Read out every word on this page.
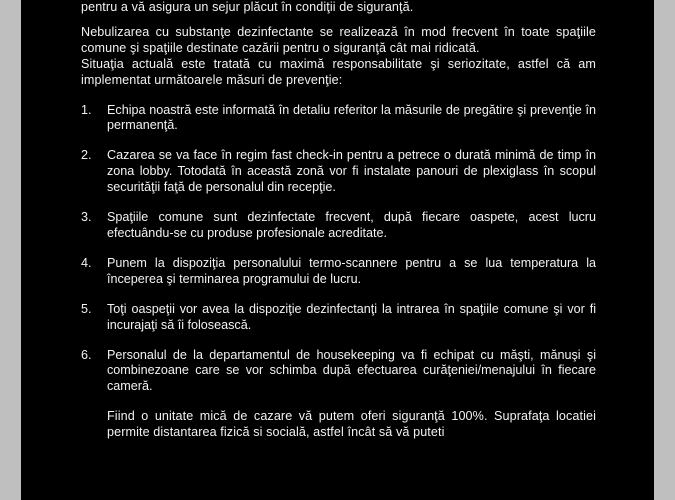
pentru a vă asigura un sejur plăcut în condiţii de siguranţă.

Nebulizarea cu substanţe dezinfectante se realizează în mod frecvent în toate spaţiile comune şi spaţiile destinate cazării pentru o siguranţă cât mai ridicată.

Situaţia actuală este tratată cu maximă responsabilitate şi seriozitate, astfel că am implementat următoarele măsuri de prevenţie:

1.	Echipa noastră este informată în detaliu referitor la măsurile de pregătire şi prevenţie în permanenţă.
2.	Cazarea se va face în regim fast check-in pentru a petrece o durată minimă de timp în zona lobby. Totodată în această zonă vor fi instalate panouri de plexiglass în scopul securităţii faţă de personalul din recepţie.
3.	Spaţiile comune sunt dezinfectate frecvent, după fiecare oaspete, acest lucru efectuându-se cu produse profesionale acreditate.
4.	Punem la dispoziţia personalului termo-scannere pentru a se lua temperatura la începerea şi terminarea programului de lucru.
5.	Toţi oaspeţii vor avea la dispoziţie dezinfectanţi la intrarea în spaţiile comune şi vor fi incurajaţi să îi folosească.
6.	Personalul de la departamentul de housekeeping va fi echipat cu măşti, mănuşi şi combinezoane care se vor schimba după efectuarea curăţeniei/menajului în fiecare cameră.

Fiind o unitate mică de cazare vă putem oferi siguranţă 100%. Suprafaţa locatiei permite distantarea fizică si socială, astfel încât să vă puteti
